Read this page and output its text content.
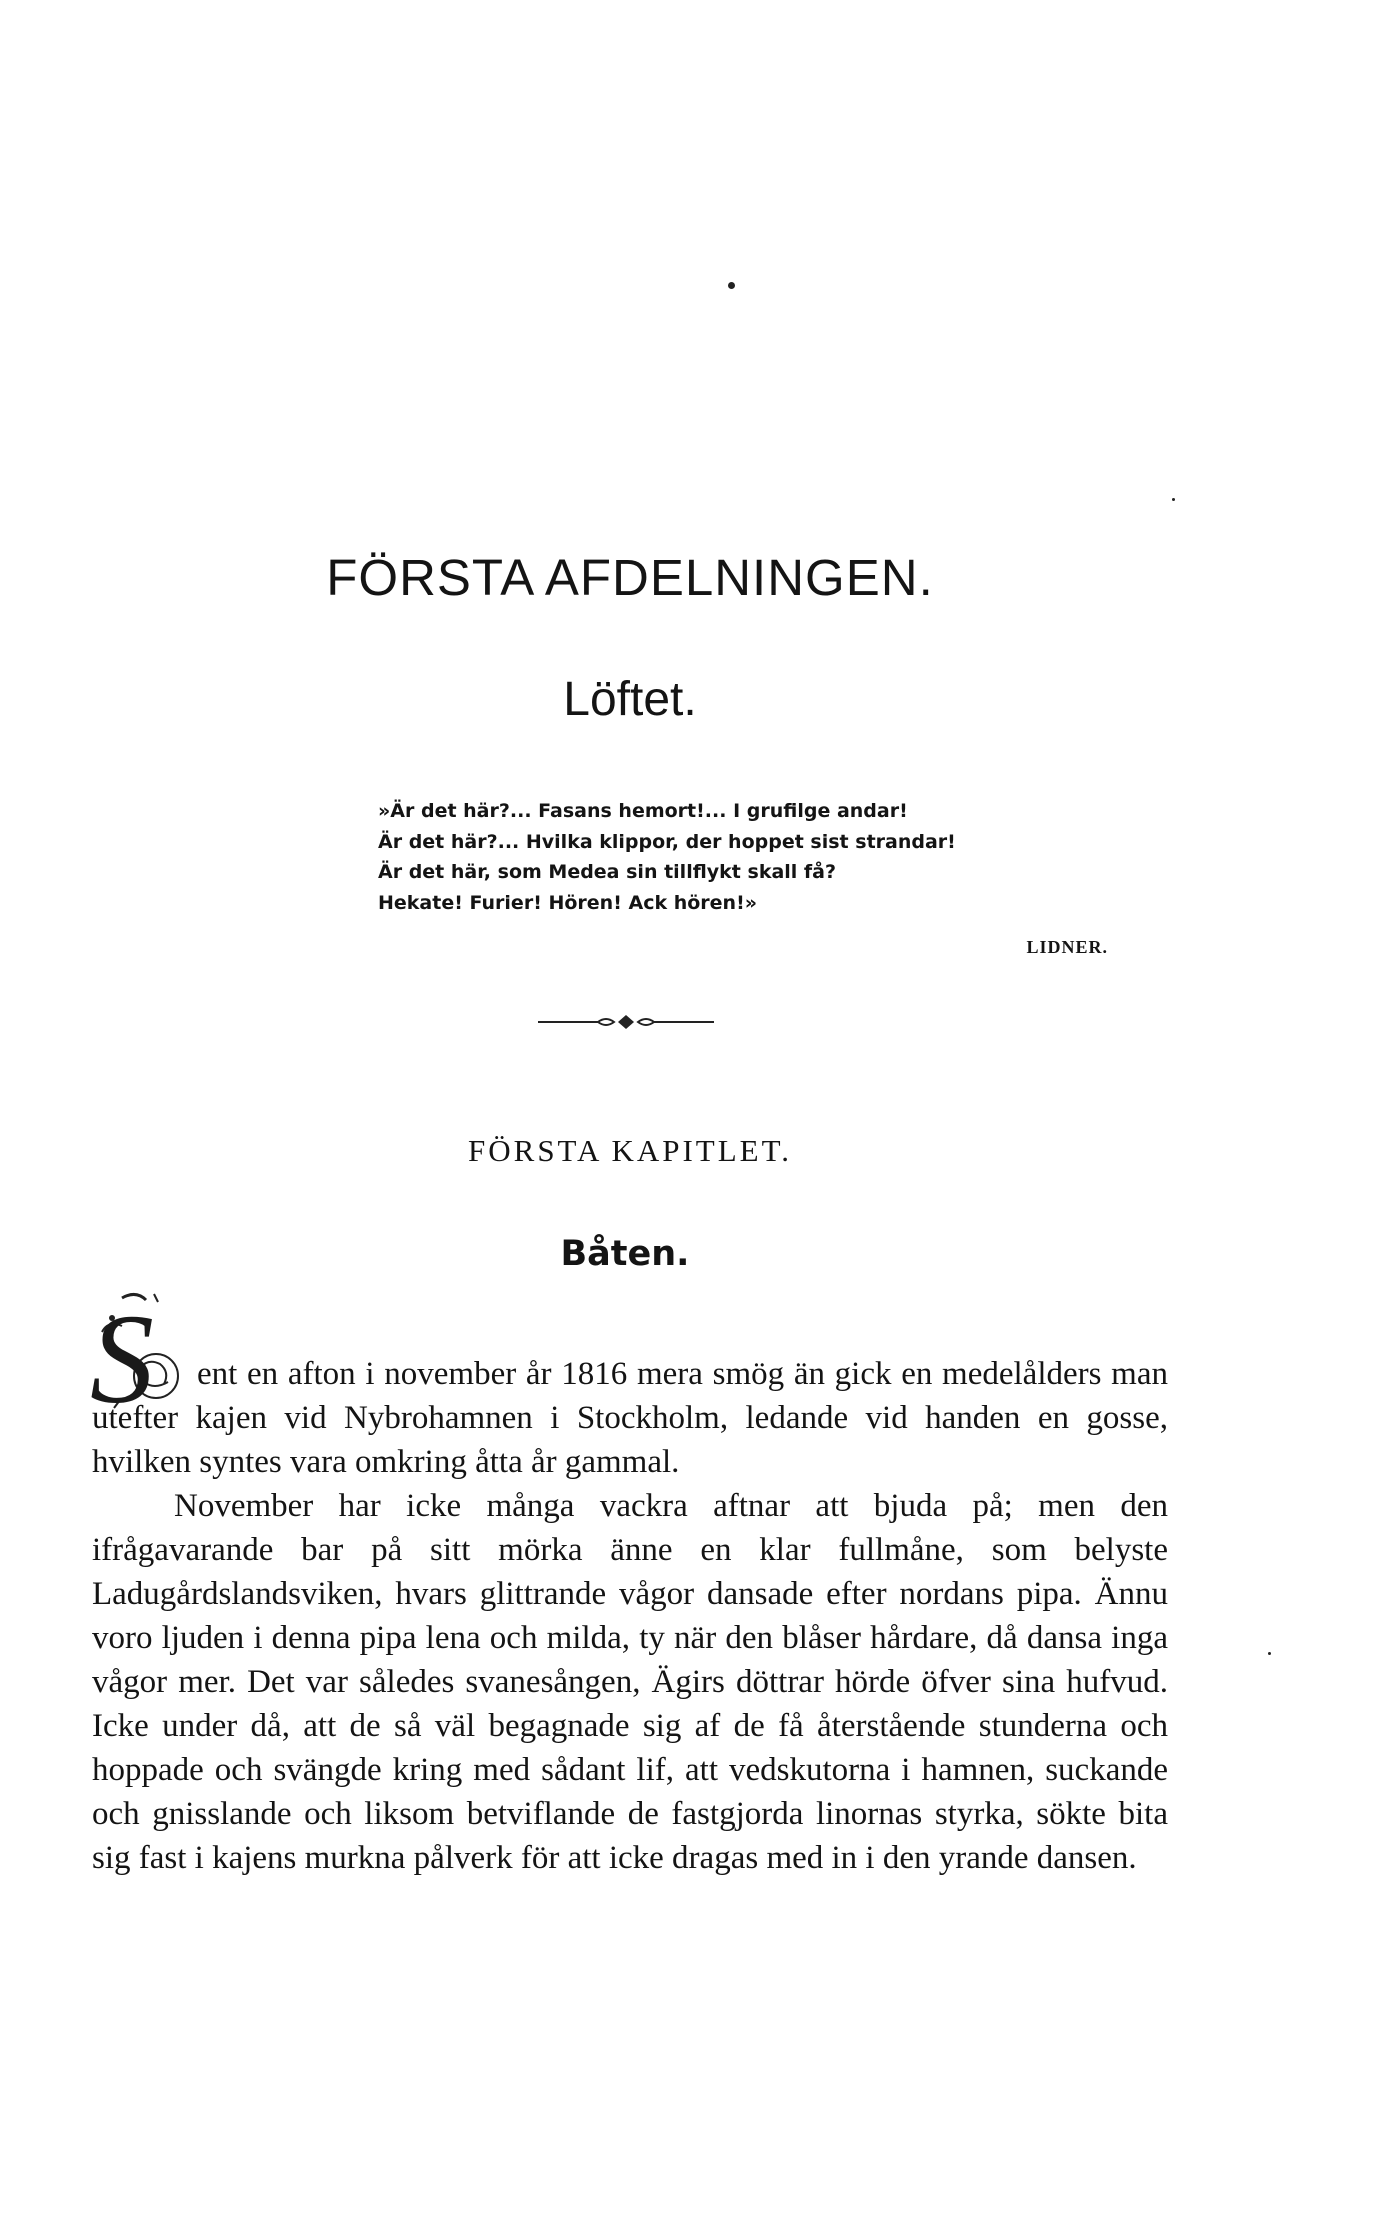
FÖRSTA AFDELNINGEN.
Löftet.
»Är det här?... Fasans hemort!... I grufilge andar!
Är det här?... Hvilka klippor, der hoppet sist strandar!
Är det här, som Medea sin tillflykt skall få?
Hekate! Furier! Hören! Ack hören!»
LIDNER.
FÖRSTA KAPITLET.
Båten.
S	ent en afton i november år 1816 mera smög än gick en medelålders man utefter kajen vid Nybrohamnen i Stockholm, ledande vid handen en gosse, hvilken syntes vara omkring åtta år gammal.

November har icke många vackra aftnar att bjuda på; men den ifrågavarande bar på sitt mörka änne en klar fullmåne, som belyste Ladugårdslandsviken, hvars glittrande vågor dansade efter nordans pipa. Ännu voro ljuden i denna pipa lena och milda, ty när den blåser hårdare, då dansa inga vågor mer. Det var således svanesången, Ägirs döttrar hörde öfver sina hufvud. Icke under då, att de så väl begagnade sig af de få återstående stunderna och hoppade och svängde kring med sådant lif, att vedskutorna i hamnen, suckande och gnisslande och liksom betviflande de fastgjorda linornas styrka, sökte bita sig fast i kajens murkna pålverk för att icke dragas med in i den yrande dansen.
